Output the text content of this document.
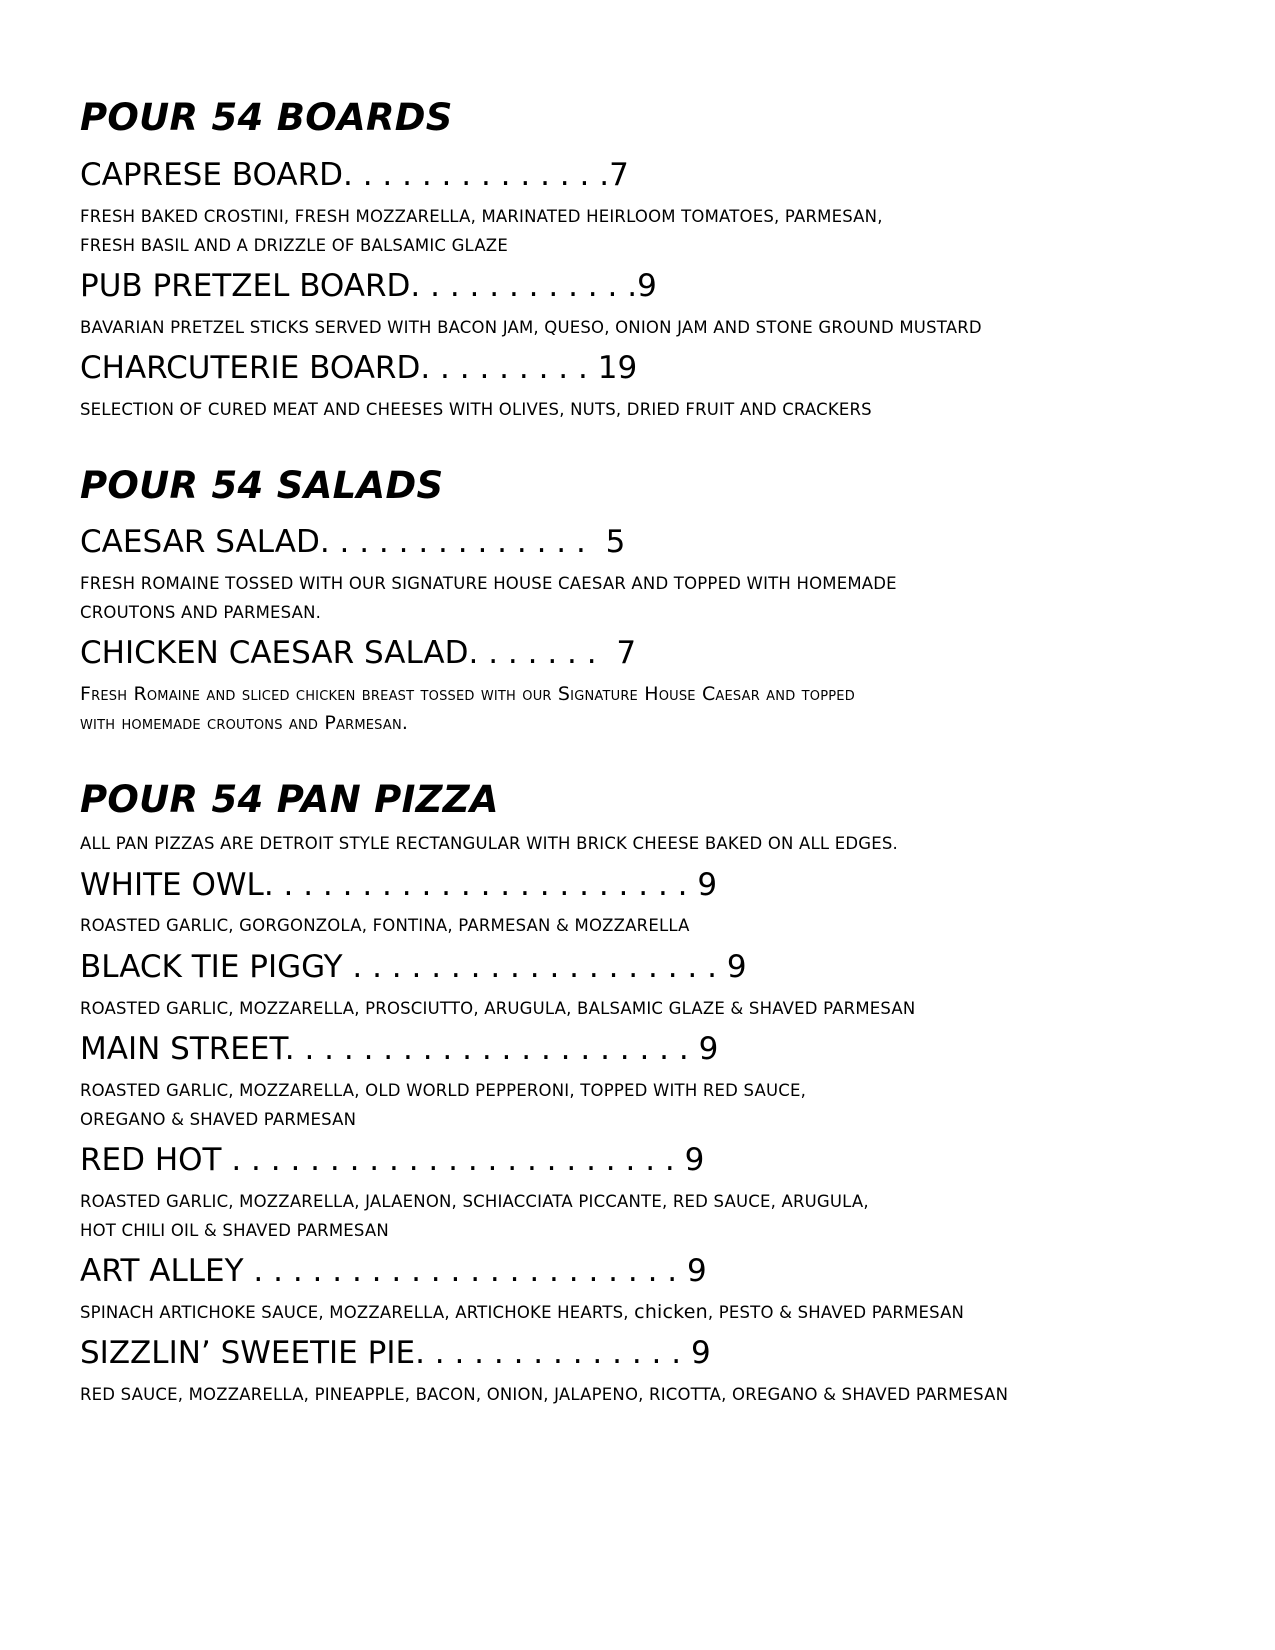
POUR 54 BOARDS
CAPRESE BOARD. . . . . . . . . . . . . .7
FRESH BAKED CROSTINI, FRESH MOZZARELLA, MARINATED HEIRLOOM TOMATOES, PARMESAN,
FRESH BASIL AND A DRIZZLE OF BALSAMIC GLAZE
PUB PRETZEL BOARD. . . . . . . . . . . .9
BAVARIAN PRETZEL STICKS SERVED WITH BACON JAM, QUESO, ONION JAM AND STONE GROUND MUSTARD
CHARCUTERIE BOARD. . . . . . . . . 19
SELECTION OF CURED MEAT AND CHEESES WITH OLIVES, NUTS, DRIED FRUIT AND CRACKERS
POUR 54 SALADS
CAESAR SALAD. . . . . . . . . . . . . . 5
FRESH ROMAINE TOSSED WITH OUR SIGNATURE HOUSE CAESAR AND TOPPED WITH HOMEMADE
CROUTONS AND PARMESAN.
CHICKEN CAESAR SALAD. . . . . . . 7
Fresh Romaine and sliced chicken breast tossed with our Signature House Caesar and topped
with homemade croutons and Parmesan.
POUR 54 PAN PIZZA
ALL PAN PIZZAS ARE DETROIT STYLE RECTANGULAR WITH BRICK CHEESE BAKED ON ALL EDGES.
WHITE OWL. . . . . . . . . . . . . . . . . . . . . . 9
ROASTED GARLIC, GORGONZOLA, FONTINA, PARMESAN & MOZZARELLA
BLACK TIE PIGGY . . . . . . . . . . . . . . . . . . . 9
ROASTED GARLIC, MOZZARELLA, PROSCIUTTO, ARUGULA, BALSAMIC GLAZE & SHAVED PARMESAN
MAIN STREET. . . . . . . . . . . . . . . . . . . . . 9
ROASTED GARLIC, MOZZARELLA, OLD WORLD PEPPERONI, TOPPED WITH RED SAUCE,
OREGANO & SHAVED PARMESAN
RED HOT . . . . . . . . . . . . . . . . . . . . . . . 9
ROASTED GARLIC, MOZZARELLA, JALAENON, SCHIACCIATA PICCANTE, RED SAUCE, ARUGULA,
HOT CHILI OIL & SHAVED PARMESAN
ART ALLEY . . . . . . . . . . . . . . . . . . . . . . 9
SPINACH ARTICHOKE SAUCE, MOZZARELLA, ARTICHOKE HEARTS, chicken, PESTO & SHAVED PARMESAN
SIZZLIN’ SWEETIE PIE. . . . . . . . . . . . . . 9
RED SAUCE, MOZZARELLA, PINEAPPLE, BACON, ONION, JALAPENO, RICOTTA, OREGANO & SHAVED PARMESAN
